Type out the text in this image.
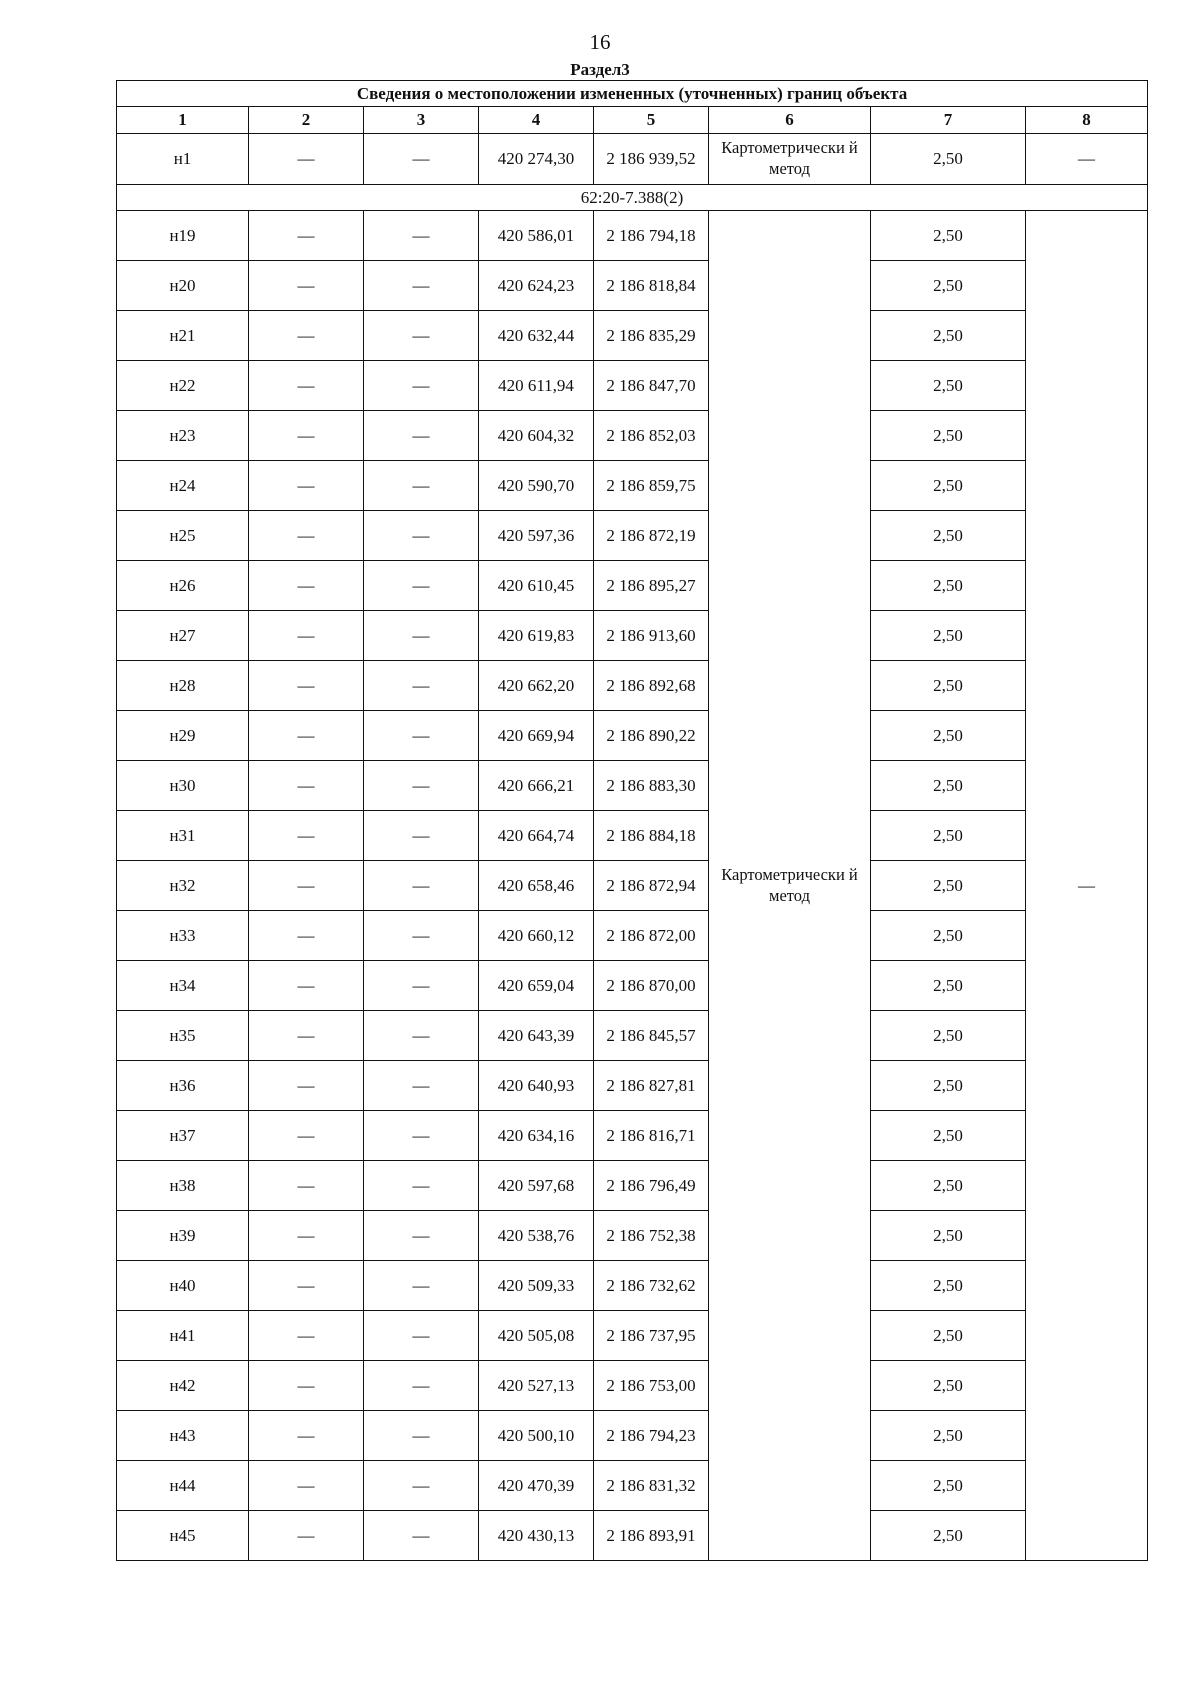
16
Раздел3
Сведения о местоположении измененных (уточненных) границ объекта							
1	2	3	4	5	6	7	8
н1	—	—	420 274,30	2 186 939,52	Картометрически й метод	2,50	—
62:20-7.388(2)							
н19	—	—	420 586,01	2 186 794,18	Картометрически й метод	2,50	—
н20	—	—	420 624,23	2 186 818,84		2,50	
н21	—	—	420 632,44	2 186 835,29		2,50	
н22	—	—	420 611,94	2 186 847,70		2,50	
н23	—	—	420 604,32	2 186 852,03		2,50	
н24	—	—	420 590,70	2 186 859,75		2,50	
н25	—	—	420 597,36	2 186 872,19		2,50	
н26	—	—	420 610,45	2 186 895,27		2,50	
н27	—	—	420 619,83	2 186 913,60		2,50	
н28	—	—	420 662,20	2 186 892,68		2,50	
н29	—	—	420 669,94	2 186 890,22		2,50	
н30	—	—	420 666,21	2 186 883,30		2,50	
н31	—	—	420 664,74	2 186 884,18		2,50	
н32	—	—	420 658,46	2 186 872,94		2,50	
н33	—	—	420 660,12	2 186 872,00		2,50	
н34	—	—	420 659,04	2 186 870,00		2,50	
н35	—	—	420 643,39	2 186 845,57		2,50	
н36	—	—	420 640,93	2 186 827,81		2,50	
н37	—	—	420 634,16	2 186 816,71		2,50	
н38	—	—	420 597,68	2 186 796,49		2,50	
н39	—	—	420 538,76	2 186 752,38		2,50	
н40	—	—	420 509,33	2 186 732,62		2,50	
н41	—	—	420 505,08	2 186 737,95		2,50	
н42	—	—	420 527,13	2 186 753,00		2,50	
н43	—	—	420 500,10	2 186 794,23		2,50	
н44	—	—	420 470,39	2 186 831,32		2,50	
н45	—	—	420 430,13	2 186 893,91		2,50	
